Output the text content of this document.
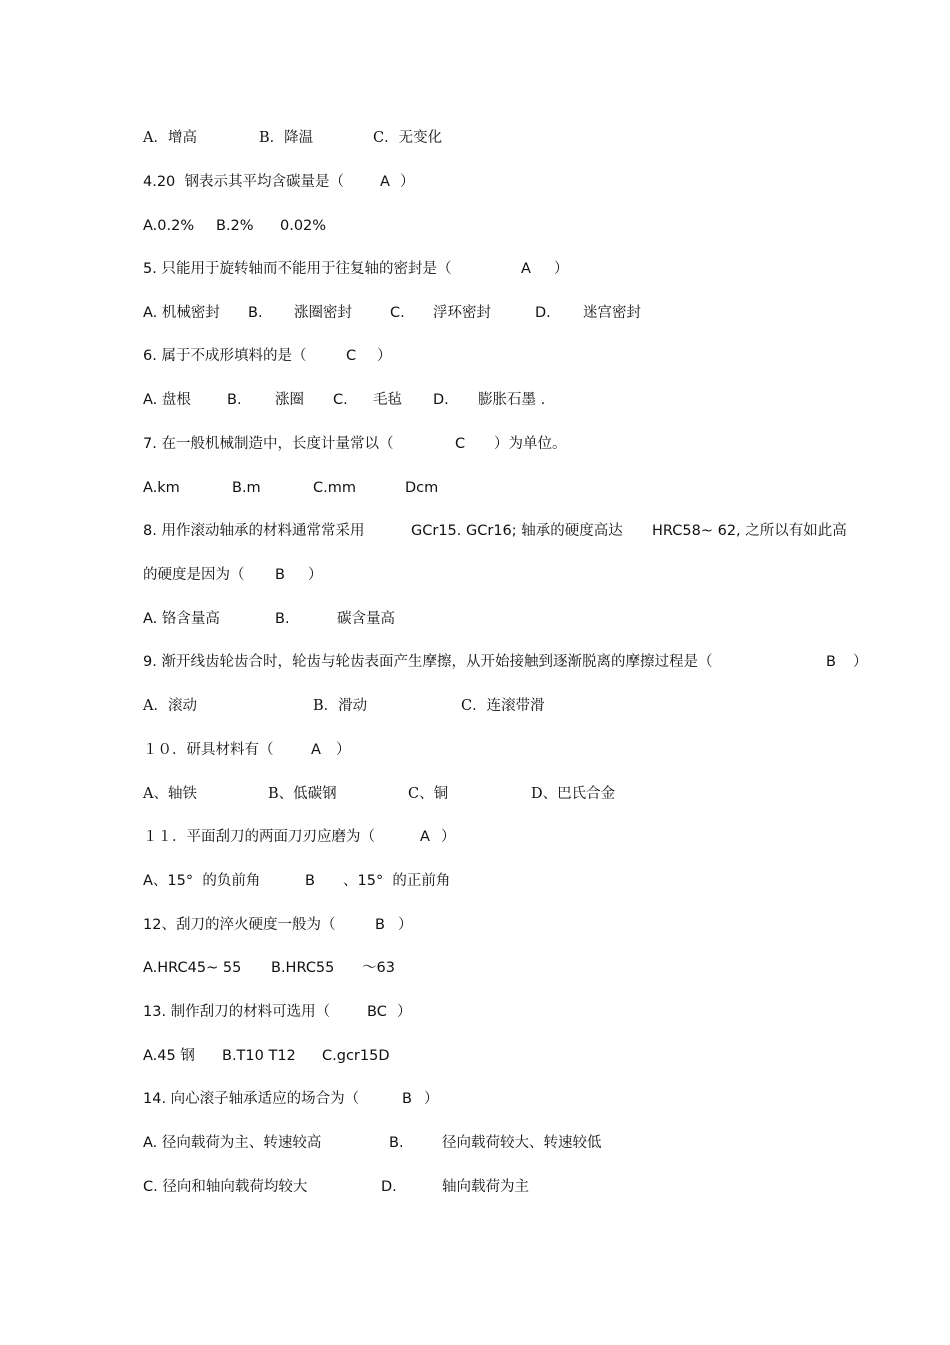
A．增高	B．降温	C．无变化
4.20  钢表示其平均含碳量是（ A ）
A.0.2% B.2% 0.02%
5. 只能用于旋转轴而不能用于往复轴的密封是（	A ）
A. 机械密封 B. 涨圈密封	C. 浮环密封	D. 迷宫密封
6. 属于不成形填料的是（	C ）
A. 盘根 B. 涨圈 C. 毛毡 D. 膨胀石墨 .
7. 在一般机械制造中，长度计量常以（	C ）为单位。
A.km	B.m	C.mm	Dcm
8. 用作滚动轴承的材料通常常采用	GCr15. GCr16; 轴承的硬度高达 HRC58~ 62, 之所以有如此高
的硬度是因为（ B ）
A. 铬含量高	B.	碳含量高
9. 渐开线齿轮齿合时，轮齿与轮齿表面产生摩擦，从开始接触到逐渐脱离的摩擦过程是（	B ）
A．滚动	B．滑动	C．连滚带滑
１０．研具材料有（	A ）
A、轴铁	B、低碳钢	C、铜	D、巴氏合金
１１．平面刮刀的两面刀刃应磨为（	A ）
A、15°  的负前角	B 、15°  的正前角
12、刮刀的淬火硬度一般为（	B ）
A.HRC45~ 55 B.HRC55 ～63
13. 制作刮刀的材料可选用（	BC ）
A.45 钢 B.T10 T12 C.gcr15D
14. 向心滚子轴承适应的场合为（	B ）
A. 径向载荷为主、转速较高	B.	径向载荷较大、转速较低
C. 径向和轴向载荷均较大	D.	轴向载荷为主
